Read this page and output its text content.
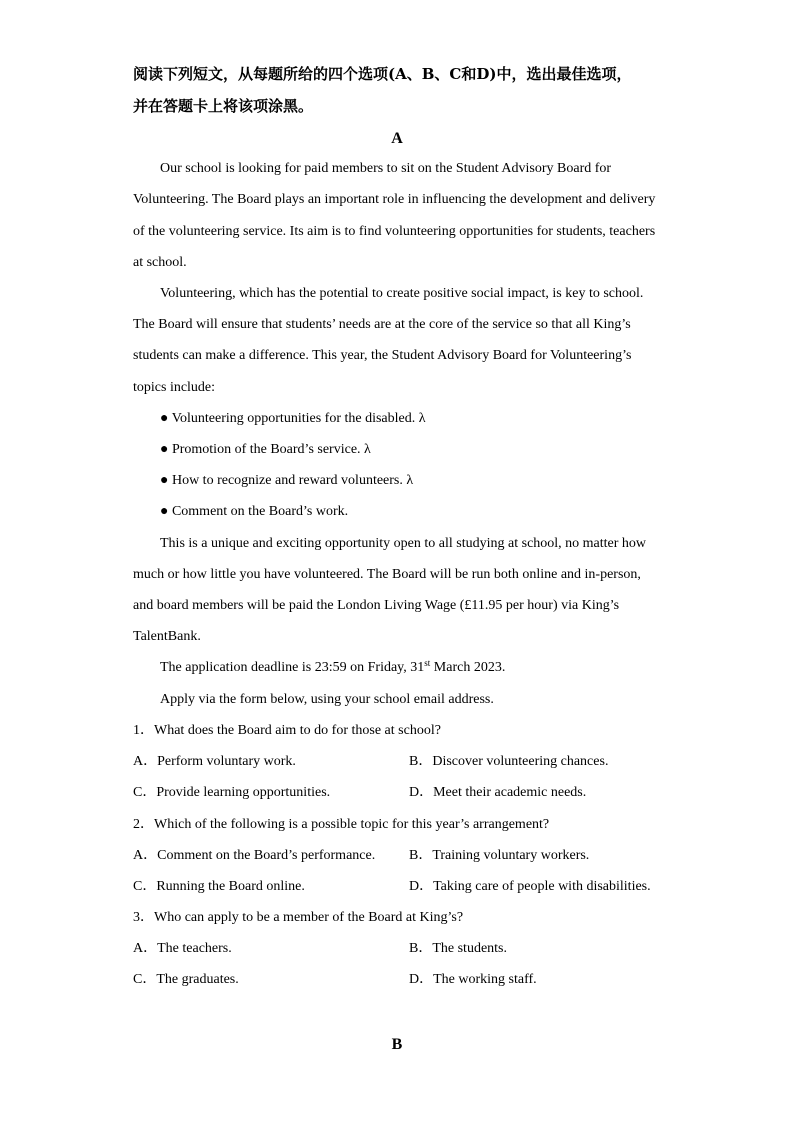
阅读下列短文，从每题所给的四个选项(A、B、C和D)中，选出最佳选项，
并在答题卡上将该项涂黑。
A
Our school is looking for paid members to sit on the Student Advisory Board for
Volunteering. The Board plays an important role in influencing the development and delivery
of the volunteering service. Its aim is to find volunteering opportunities for students, teachers
at school.
Volunteering, which has the potential to create positive social impact, is key to school.
The Board will ensure that students’ needs are at the core of the service so that all King’s
students can make a difference. This year, the Student Advisory Board for Volunteering’s
topics include:
● Volunteering opportunities for the disabled. λ
● Promotion of the Board’s service. λ
● How to recognize and reward volunteers. λ
● Comment on the Board’s work.
This is a unique and exciting opportunity open to all studying at school, no matter how
much or how little you have volunteered. The Board will be run both online and in-person,
and board members will be paid the London Living Wage (£11.95 per hour) via King’s
TalentBank.
The application deadline is 23:59 on Friday, 31st March 2023.
Apply via the form below, using your school email address.
1．What does the Board aim to do for those at school?
A．Perform voluntary work.	B．Discover volunteering chances.
C．Provide learning opportunities.	D．Meet their academic needs.
2．Which of the following is a possible topic for this year’s arrangement?
A．Comment on the Board’s performance. B．Training voluntary workers.
C．Running the Board online.	D．Taking care of people with disabilities.
3．Who can apply to be a member of the Board at King’s?
A．The teachers.	B．The students.
C．The graduates.	D．The working staff.
B
